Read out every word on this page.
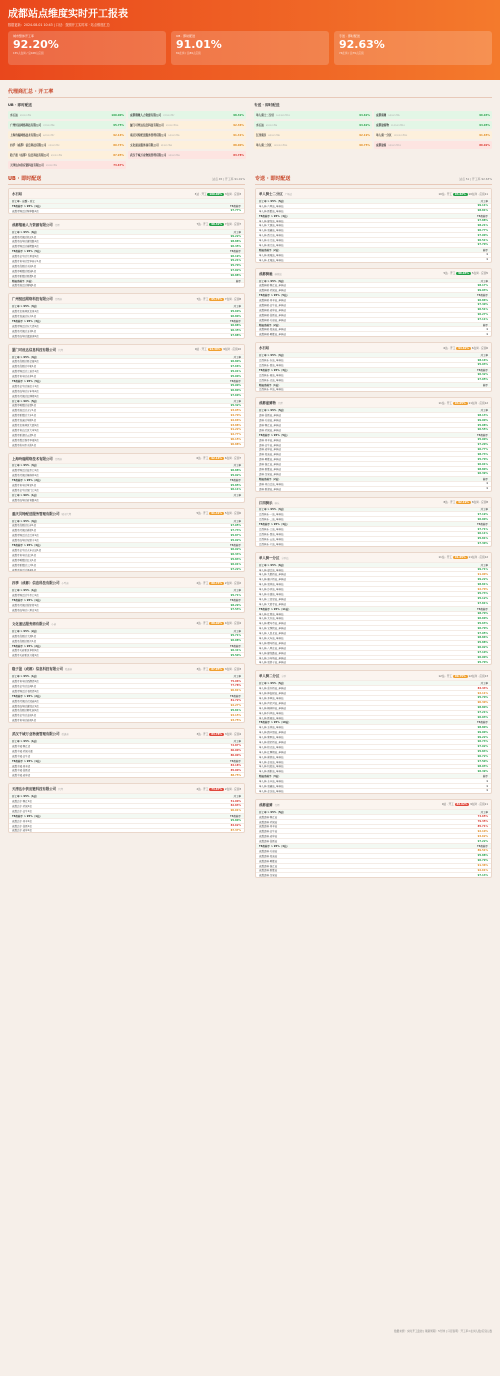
成都站点维度实时开工报表
数据更新：2024-08-01 10:43 | 口径：按照开工实时率 · 站点维度汇总
城市整体开工率
92.20%
155人在岗 / 总168人应到
UB · 即时配送
91.01%
81在岗 / 总89人应到
专送 · 即时配送
92.63%
74在岗 / 总79人应到
代理商汇总 · 开工率
UB · 即时配送
水石站 3在岗/应到3	100.00% 成都翔驰人力资源有限公司 7在岗/应到7	98.32%
广州恒远网络科技有限公司 7在岗/应到8	95.75% 厦门可丝达信息科技有限公司 9在岗/应到10	92.36%
上海玲瑞网络技术有限公司 6在岗/应到7	92.16% 重庆贝特配送服务管理有限公司 5在岗/应到6	91.41%
四季（成都）信息科技有限公司 2在岗/应到2	89.74% 文化速达服务商有限公司 4在岗/应到4	88.00%
稳子盈（成都）信息科技有限公司 3在岗/应到3	87.95% 武汉千城万业物流管理有限公司 3在岗/应到4	83.78%
天津达尔供应链科技有限公司 2在岗/应到3	73.67%
专送 · 即时配送
单人骑士二分区 10在岗/应到11	94.62% 成都骑驰 5在岗/应到5	96.03%
水石站 6在岗/应到6	94.62% 成都途骑物 11在岗/应到12	94.05%
江西骑乐 8在岗/应到8	92.19% 单人骑一分区 11在岗/应到12	91.65%
单人骑二分区 12在岗/应到13	90.75% 成都途骑 9在岗/应到11	86.02%
UB · 即时配送	站点 45 | 开工率 91.01%
水石站	3站 · 开工 100.00% 3在岗 · 应到3
开工率 · 应到 · 开工
T8类骑手 > 95%（1站）	T8类骑手
成都市锦江区锦华路1店	97.77%
成都翔驰人力资源有限公司 代理	7站 · 开工 98.32% 7在岗 · 应到7
开工率 > 95%（6站）	开工率
成都市武侯区棕北1店	99.22%
成都市成华区建设路1店	98.88%
成都市锦江区春熙路1店	96.45%
T8类骑手 > 95%（5站）	T8类骑手
成都市金牛区九里堤1店	96.19%
成都市青羊区宽窄巷子1店	95.21%
成都市高新区天府1店	95.70%
成都市郫都区犀浦1店	97.02%
成都市新都区新都1店	96.88%
物流类骑手（1站）	骑手
成都市温江区柳城1店
广州恒远网络科技有限公司 代理商	7站 · 开工 95.75% 7在岗 · 应到8
开工率 > 95%（3站）	开工率
成都市龙泉驿区龙泉1店	95.60%
成都市双流区东升1店	96.80%
T8类骑手 > 95%（3站）	T8类骑手
成都市锦江区东大街1店	96.88%
成都市武侯区玉林1店	96.45%
成都市成华区猛追湾1店	97.88%
厦门可丝达信息科技有限公司 代理	9站 · 开工 92.36% 9在岗 · 应到10
开工率 > 95%（4站）	开工率
成都市高新区新会展1店	96.80%
成都市高新区中和1店	97.66%
成都市锦江区三圣乡1店	95.91%
成都市青羊区光华1店	95.00%
T8类骑手 > 95%（5站）	T8类骑手
成都市金牛区茶店子1店	95.90%
成都市成华区万年场1店	96.80%
成都市武侯区红牌楼1店	97.60%
开工率 > 90%（5站）	开工率
成都市郫都区安德1店	95.32%
成都市温江区永宁1店	93.05%
成都市新都区大丰1店	94.70%
成都市双流区华阳1店	92.66%
成都市龙泉驿区大面1店	93.88%
成都市青白江区大弯1店	91.22%
成都市新津区五津1店	92.77%
成都市都江堰市幸福1店	90.15%
成都市彭州市天彭1店	90.88%
上海玲瑞网络技术有限公司 代理商	6站 · 开工 92.16% 6在岗 · 应到7
开工率 > 95%（3站）	开工率
成都市锦江区盐市口1店	96.88%
成都市武侯区桐梓林1店	95.02%
T8类骑手 > 95%（2站）	T8类骑手
成都市青羊区草堂1店	95.85%
成都市金牛区营门口1店	96.11%
开工率 > 90%（1站）	开工率
成都市成华区府青路1店
重庆贝特配送服务管理有限公司 城市代理	5站 · 开工 91.41% 5在岗 · 应到6
开工率 > 95%（4站）	开工率
成都市高新区石羊1店	97.05%
成都市武侯区簇桥1店	97.74%
成都市锦江区合江亭1店	95.87%
成都市成华区双桥子1店	95.92%
T8类骑手 > 95%（4站）	T8类骑手
成都市金牛区火车北站1店	96.92%
成都市青羊区金沙1店	96.34%
成都市郫都区红光1店	95.84%
成都市新都区三河1店	96.91%
成都市温江区涌泉1店	97.22%
四季（成都）信息科技有限公司 小型商	2站 · 开工 89.74% 2在岗 · 应到2
开工率 > 95%（1站）	开工率
成都市锦江区牛市口1店	95.71%
T8类骑手 > 95%（1站）	T8类骑手
成都市武侯区倪家桥1店	98.29%
成都市成华区八里庄1店	97.53%
文化速达服务商有限公司 小商	4站 · 开工 88.00% 4在岗 · 应到4
开工率 > 95%（2站）	开工率
成都市高新区大源1店	95.71%
成都市高新区新川1店	96.08%
T8类骑手 > 95%（2站）	T8类骑手
成都市天府新区华阳1店	96.41%
成都市天府新区兴隆1店	95.50%
稳子盈（成都）信息科技有限公司 渠道商	3站 · 开工 87.95% 3在岗 · 应到3
开工率 > 95%（1站）	开工率
成都市青羊区西御街1店	75.96%
成都市金牛区沙湾1店	77.78%
成都市锦江区书院街1店	90.81%
T8类骑手 > 95%（2站）	T8类骑手
成都市武侯区衣冠庙1店	81.72%
成都市成华区建设北1店	92.27%
成都市高新区孵化园1店	95.81%
成都市金牛区金府1店	94.15%
成都市青羊区府南1店	93.75%
武汉千城万业物流管理有限公司 渠道商	3站 · 开工 83.78% 3在岗 · 应到4
开工率 > 95%（1站）	开工率
成都千城·锦江店	72.87%
成都千城·武侯分部	60.00%
成都千城·金牛店	80.00%
T8类骑手 > 95%（1站）	T8类骑手
成都千城·青羊店	84.18%
成都千城·高新店	85.00%
成都千城·成华店	88.75%
天津达尔供应链科技有限公司 代理	2站 · 开工 73.67% 2在岗 · 应到3
开工率 > 95%（1站）	开工率
成都达尔·锦江1店	51.00%
成都达尔·武侯1店	82.83%
成都达尔·金牛1店	90.01%
T8类骑手 > 95%（1站）	T8类骑手
成都达尔·青羊1店	95.80%
成都达尔·高新1店	84.62%
成都达尔·成华1店	87.37%
专送 · 即时配送	站点 51 | 开工率 92.63%
单人骑士二分区 广场站	10站 · 开工 94.62% 10在岗 · 应到11
开工率 > 95%（5站）	开工率
单人骑·六里站_单骑站	99.11%
单人骑·新都站_单骑站	98.81%
T8类骑手 > 95%（4站）	T8类骑手
单人骑·建设站_单骑站	97.88%
单人骑·大源站_单骑站	98.21%
单人骑·双楠站_单骑站	96.77%
单人骑·西门站_单骑站	97.90%
单人骑·东门站_单骑站	96.51%
单人骑·南门站_单骑站	97.70%
物流类骑手（2站）	骑手
单人骑·南城站_单骑站	1
单人骑·北城站_单骑站	1
成都骑驰 骑驰站	5站 · 开工 96.03% 5在岗 · 应到5
开工率 > 95%（3站）	开工率
成都骑驰·锦江站_单骑站	98.17%
成都骑驰·武侯站_单骑站	99.03%
T8类骑手 > 95%（5站）	T8类骑手
成都骑驰·青羊站_单骑站	96.86%
成都骑驰·金牛站_单骑站	97.40%
成都骑驰·成华站_单骑站	96.51%
成都骑驰·高新站_单骑站	96.27%
成都骑驰·天府站_单骑站	97.11%
物流类骑手（2站）	骑手
成都骑驰·双流站_单骑站	1
成都骑驰·郫都站_单骑站	1
水石站	6站 · 开工 94.62% 6在岗 · 应到6
开工率 > 95%（3站）	开工率
江西骑乐·东站_单骑站	98.16%
江西骑乐·西站_单骑站	95.93%
T8类骑手 > 95%（3站）	T8类骑手
江西骑乐·南站_单骑站	96.32%
江西骑乐·北站_单骑站	97.05%
物流类骑手（1站）	骑手
江西骑乐·中站_单骑站
成都途骑物 代理	11站 · 开工 94.05% 11在岗 · 应到12
开工率 > 95%（5站）	开工率
途骑·高新站_单骑站	98.13%
途骑·天府站_单骑站	99.90%
途骑·锦江站_单骑站	95.08%
途骑·武侯站_单骑站	96.55%
T8类骑手 > 95%（5站）	T8类骑手
途骑·青羊站_单骑站	95.90%
途骑·金牛站_单骑站	97.20%
途骑·成华站_单骑站	96.77%
途骑·双流站_单骑站	98.74%
途骑·郫都站_单骑站	95.70%
途骑·温江站_单骑站	96.01%
途骑·新都站_单骑站	98.80%
途骑·龙泉站_单骑站	96.39%
物流类骑手（2站）	骑手
途骑·青白江站_单骑站	1
途骑·新津站_单骑站	1
江西骑乐 骑乐	8站 · 开工 92.19% 8在岗 · 应到8
开工率 > 95%（3站）	开工率
江西骑乐·一站_单骑站	97.19%
江西骑乐·二站_单骑站	96.00%
T8类骑手 > 95%（4站）	T8类骑手
江西骑乐·三站_单骑站	97.71%
江西骑乐·四站_单骑站	96.11%
江西骑乐·五站_单骑站	95.81%
江西骑乐·六站_单骑站	97.30%
单人骑一分区 分区站	11站 · 开工 91.65% 11在岗 · 应到12
开工率 > 95%（6站）	开工率
单人骑·望江站_单骑站	99.71%
单人骑·九眼桥站_单骑站	91.90%
单人骑·磨子桥站_单骑站	99.22%
单人骑·双林站_单骑站	98.81%
单人骑·沙河站_单骑站	92.70%
单人骑·东湖站_单骑站	95.74%
单人骑·三官堂站_单骑站	95.12%
单人骑·大慈寺站_单骑站	97.81%
T8类骑手 > 95%（11站）	T8类骑手
单人骑·红星站_单骑站	98.70%
单人骑·太升站_单骑站	96.60%
单人骑·骡马市站_单骑站	95.63%
单人骑·文殊院站_单骑站	96.70%
单人骑·人民北站_单骑站	97.95%
单人骑·火车站_单骑站	98.86%
单人骑·驷马桥站_单骑站	95.88%
单人骑·八里庄站_单骑站	96.92%
单人骑·建设路站_单骑站	97.10%
单人骑·万年场站_单骑站	96.90%
单人骑·双桥子站_单骑站	95.70%
单人骑二分区 分区	12站 · 开工 90.75% 12在岗 · 应到13
开工率 > 95%（5站）	开工率
单人骑·高升桥站_单骑站	84.44%
单人骑·神仙树站_单骑站	92.11%
单人骑·芳草站_单骑站	95.70%
单人骑·肖家河站_单骑站	90.30%
单人骑·桐梓林站_单骑站	98.80%
单人骑·科华站_单骑站	97.21%
单人骑·新南站_单骑站	96.03%
T8类骑手 > 95%（10站）	T8类骑手
单人骑·玉林站_单骑站	98.80%
单人骑·跳伞塔站_单骑站	99.00%
单人骑·紫荆站_单骑站	99.22%
单人骑·倪家桥站_单骑站	96.74%
单人骑·棕北站_单骑站	97.92%
单人骑·红牌楼站_单骑站	95.84%
单人骑·簇桥站_单骑站	96.72%
单人骑·金花站_单骑站	97.50%
单人骑·机投站_单骑站	98.03%
单人骑·晋阳站_单骑站	96.49%
物流类骑手（3站）	骑手
单人骑·永丰站_单骑站	1
单人骑·双楠站_单骑站	1
单人骑·金沙站_单骑站	1
成都途骑 代理	9站 · 开工 86.02% 9在岗 · 应到11
开工率 > 95%（5站）	开工率
成都途骑·锦江站	74.65%
成都途骑·武侯站	79.35%
成都途骑·青羊站	85.71%
成都途骑·金牛站	92.10%
成都途骑·成华站	94.62%
成都途骑·高新站	97.22%
T8类骑手 > 95%（4站）	T8类骑手
成都途骑·天府站	89.51%
成都途骑·双流站	95.88%
成都途骑·郫都站	96.79%
成都途骑·温江站	91.36%
成都途骑·新都站	92.61%
成都途骑·龙泉站	97.14%
数据来源：实时开工监控 | 刷新周期：5分钟 | 口径说明：开工率=在岗人数/应到人数
